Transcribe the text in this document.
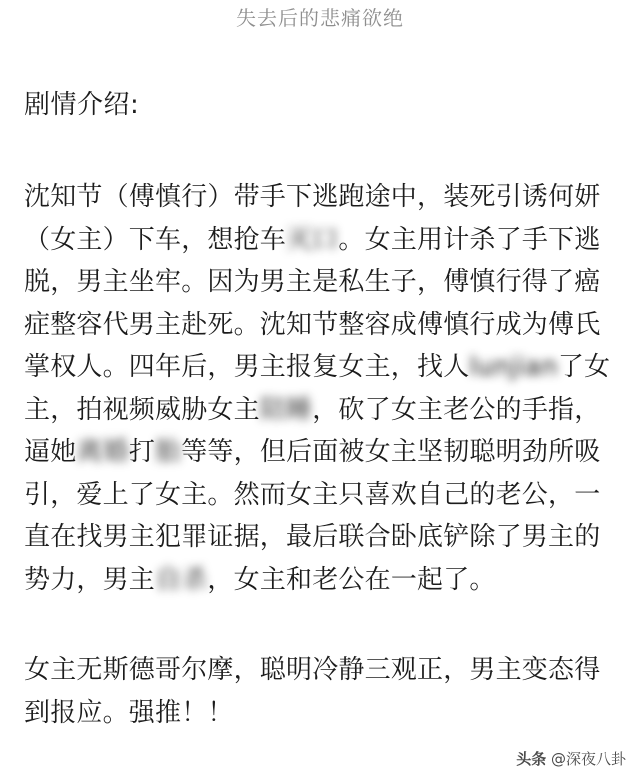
失去后的悲痛欲绝
剧情介绍:
沈知节（傅慎行）带手下逃跑途中，装死引诱何妍
（女主）下车，想抢车灭口。女主用计杀了手下逃
脱，男主坐牢。因为男主是私生子，傅慎行得了癌
症整容代男主赴死。沈知节整容成傅慎行成为傅氏
掌权人。四年后，男主报复女主，找人lunjian了女
主，拍视频威胁女主陪睡，砍了女主老公的手指，
逼她离婚打胎等等，但后面被女主坚韧聪明劲所吸
引，爱上了女主。然而女主只喜欢自己的老公，一
直在找男主犯罪证据，最后联合卧底铲除了男主的
势力，男主自杀，女主和老公在一起了。
女主无斯德哥尔摩，聪明冷静三观正，男主变态得
到报应。强推！！
头条 @深夜八卦
